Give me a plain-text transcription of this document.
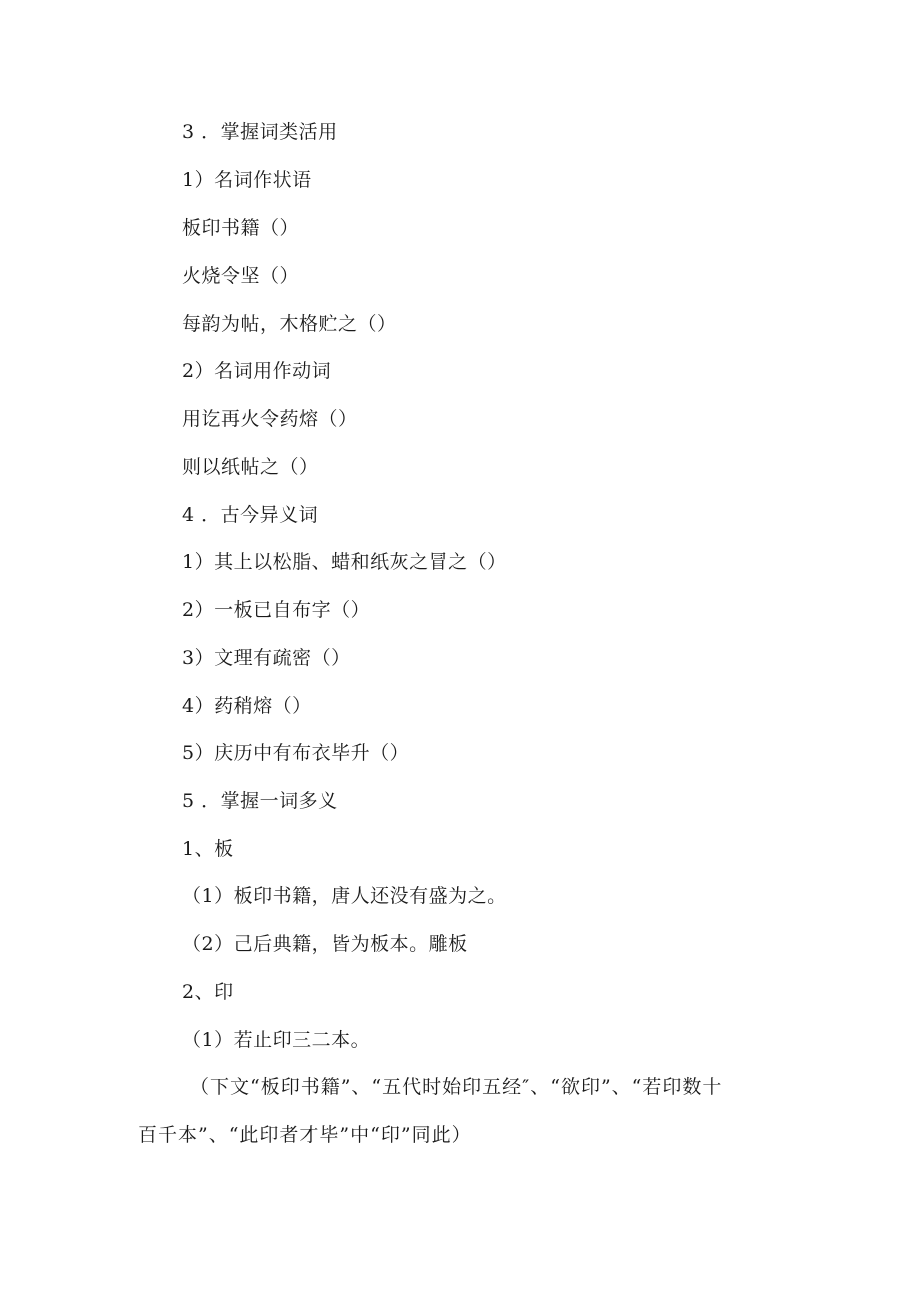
3 ．掌握词类活用
1）名词作状语
板印书籍（）
火烧令坚（）
每韵为帖，木格贮之（）
2）名词用作动词
用讫再火令药熔（）
则以纸帖之（）
4 ．古今异义词
1）其上以松脂、蜡和纸灰之冒之（）
2）一板已自布字（）
3）文理有疏密（）
4）药稍熔（）
5）庆历中有布衣毕升（）
5 ．掌握一词多义
1、板
（1）板印书籍，唐人还没有盛为之。
（2）己后典籍，皆为板本。雕板
2、印
（1）若止印三二本。
（下文“板印书籍”、“五代时始印五经″、“欲印”、“若印数十
百千本”、“此印者才毕”中“印”同此）
